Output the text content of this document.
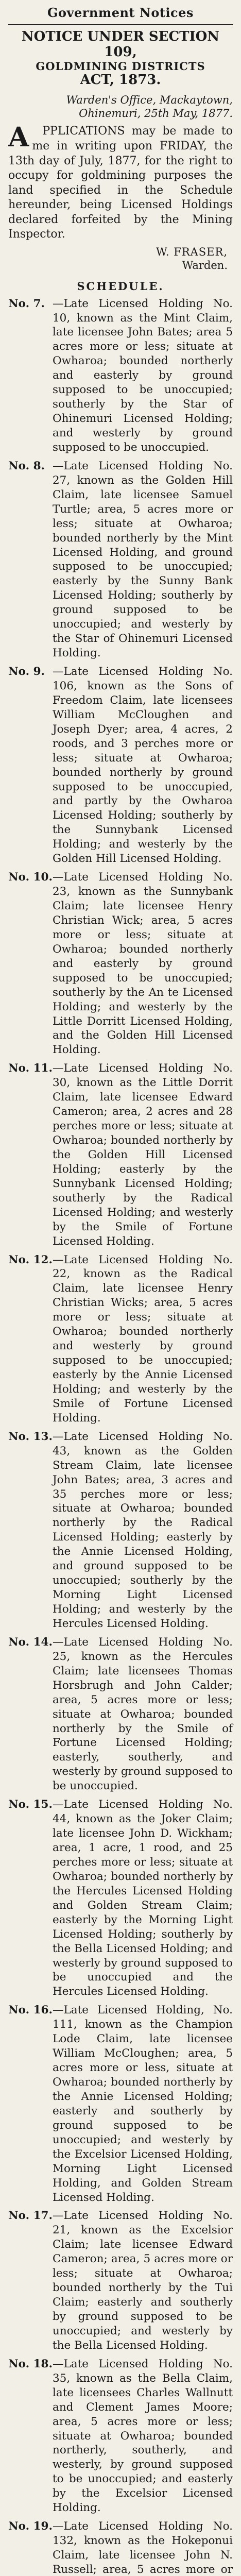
Government Notices
NOTICE UNDER SECTION 109,
GOLDMINING DISTRICTS
ACT, 1873.
Warden's Office, Mackaytown,
Ohinemuri, 25th May, 1877.

A PPLICATIONS may be made to me in writing upon FRIDAY, the 13th day of July, 1877, for the right to occupy for goldmining purposes the land specified in the Schedule hereunder, being Licensed Holdings declared forfeited by the Mining Inspector.

W. FRASER,
Warden.
SCHEDULE.
No. 7. —Late Licensed Holding No. 10, known as the Mint Claim, late licensee John Bates; area 5 acres more or less; situate at Owharoa; bounded northerly and easterly by ground supposed to be unoccupied; southerly by the Star of Ohinemuri Licensed Holding; and westerly by ground supposed to be unoccupied.
No. 8. —Late Licensed Holding No. 27, known as the Golden Hill Claim, late licensee Samuel Turtle; area, 5 acres more or less; situate at Owharoa; bounded northerly by the Mint Licensed Holding, and ground supposed to be unoccupied; easterly by the Sunny Bank Licensed Holding; southerly by ground supposed to be unoccupied; and westerly by the Star of Ohinemuri Licensed Holding.
No. 9. —Late Licensed Holding No. 106, known as the Sons of Freedom Claim, late licensees William McCloughen and Joseph Dyer; area, 4 acres, 2 roods, and 3 perches more or less; situate at Owharoa; bounded northerly by ground supposed to be unoccupied, and partly by the Owharoa Licensed Holding; southerly by the Sunnybank Licensed Holding; and westerly by the Golden Hill Licensed Holding.
No. 10. —Late Licensed Holding No. 23, known as the Sunnybank Claim; late licensee Henry Christian Wick; area, 5 acres more or less; situate at Owharoa; bounded northerly and easterly by ground supposed to be unoccupied; southerly by the An te Licensed Holding; and westerly by the Little Dorritt Licensed Holding, and the Golden Hill Licensed Holding.
No. 11. —Late Licensed Holding No. 30, known as the Little Dorrit Claim, late licensee Edward Cameron; area, 2 acres and 28 perches more or less; situate at Owharoa; bounded northerly by the Golden Hill Licensed Holding; easterly by the Sunnybank Licensed Holding; southerly by the Radical Licensed Holding; and westerly by the Smile of Fortune Licensed Holding.
No. 12. —Late Licensed Holding No. 22, known as the Radical Claim, late licensee Henry Christian Wicks; area, 5 acres more or less; situate at Owharoa; bounded northerly and westerly by ground supposed to be unoccupied; easterly by the Annie Licensed Holding; and westerly by the Smile of Fortune Licensed Holding.
No. 13. —Late Licensed Holding No. 43, known as the Golden Stream Claim, late licensee John Bates; area, 3 acres and 35 perches more or less; situate at Owharoa; bounded northerly by the Radical Licensed Holding; easterly by the Annie Licensed Holding, and ground supposed to be unoccupied; southerly by the Morning Light Licensed Holding; and westerly by the Hercules Licensed Holding.
No. 14. —Late Licensed Holding No. 25, known as the Hercules Claim; late licensees Thomas Horsbrugh and John Calder; area, 5 acres more or less; situate at Owharoa; bounded northerly by the Smile of Fortune Licensed Holding; easterly, southerly, and westerly by ground supposed to be unoccupied.
No. 15. —Late Licensed Holding No. 44, known as the Joker Claim; late licensee John D. Wickham; area, 1 acre, 1 rood, and 25 perches more or less; situate at Owharoa; bounded northerly by the Hercules Licensed Holding and Golden Stream Claim; easterly by the Morning Light Licensed Holding; southerly by the Bella Licensed Holding; and westerly by ground supposed to be unoccupied and the Hercules Licensed Holding.
No. 16. —Late Licensed Holding, No. 111, known as the Champion Lode Claim, late licensee William McCloughen; area, 5 acres more or less, situate at Owharoa; bounded northerly by the Annie Licensed Holding; easterly and southerly by ground supposed to be unoccupied; and westerly by the Excelsior Licensed Holding, Morning Light Licensed Holding, and Golden Stream Licensed Holding.
No. 17. —Late Licensed Holding No. 21, known as the Excelsior Claim; late licensee Edward Cameron; area, 5 acres more or less; situate at Owharoa; bounded northerly by the Tui Claim; easterly and southerly by ground supposed to be unoccupied; and westerly by the Bella Licensed Holding.
No. 18. —Late Licensed Holding No. 35, known as the Bella Claim, late licensees Charles Wallnutt and Clement James Moore; area, 5 acres more or less; situate at Owharoa; bounded northerly, southerly, and westerly, by ground supposed to be unoccupied; and easterly by the Excelsior Licensed Holding.
No. 19. —Late Licensed Holding No. 132, known as the Hokeponui Claim, late licensee John N. Russell; area, 5 acres more or
